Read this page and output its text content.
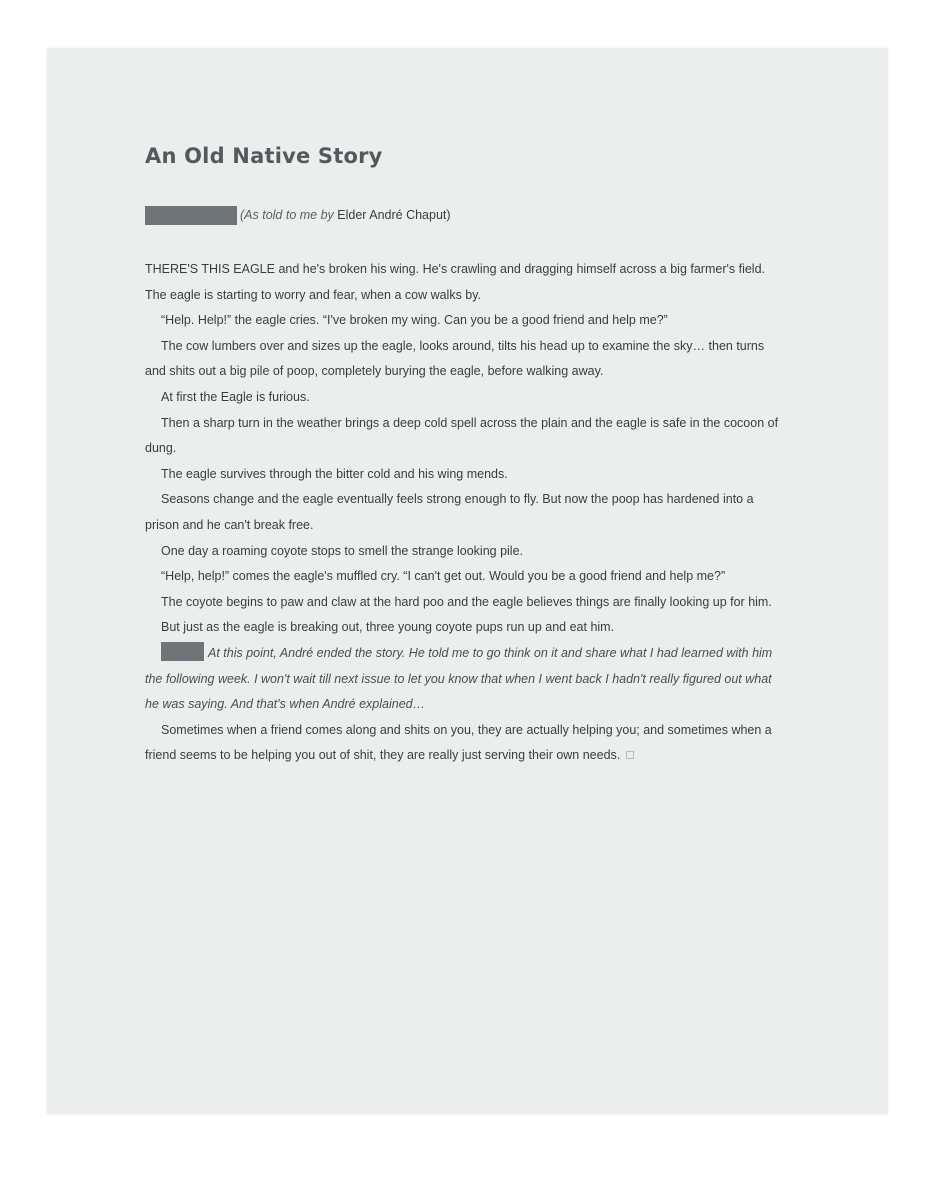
An Old Native Story
(As told to me by Elder André Chaput)

THERE'S THIS EAGLE and he's broken his wing. He's crawling and dragging himself across a big farmer's field. The eagle is starting to worry and fear, when a cow walks by.

“Help. Help!” the eagle cries. “I've broken my wing. Can you be a good friend and help me?”

The cow lumbers over and sizes up the eagle, looks around, tilts his head up to examine the sky… then turns and shits out a big pile of poop, completely burying the eagle, before walking away.

At first the Eagle is furious.

Then a sharp turn in the weather brings a deep cold spell across the plain and the eagle is safe in the cocoon of dung.

The eagle survives through the bitter cold and his wing mends.

Seasons change and the eagle eventually feels strong enough to fly. But now the poop has hardened into a prison and he can't break free.

One day a roaming coyote stops to smell the strange looking pile.

“Help, help!” comes the eagle's muffled cry. “I can't get out. Would you be a good friend and help me?”

The coyote begins to paw and claw at the hard poo and the eagle believes things are finally looking up for him.

But just as the eagle is breaking out, three young coyote pups run up and eat him.

At this point, André ended the story. He told me to go think on it and share what I had learned with him the following week. I won't wait till next issue to let you know that when I went back I hadn't really figured out what he was saying. And that's when André explained…

Sometimes when a friend comes along and shits on you, they are actually helping you; and sometimes when a friend seems to be helping you out of shit, they are really just serving their own needs.
